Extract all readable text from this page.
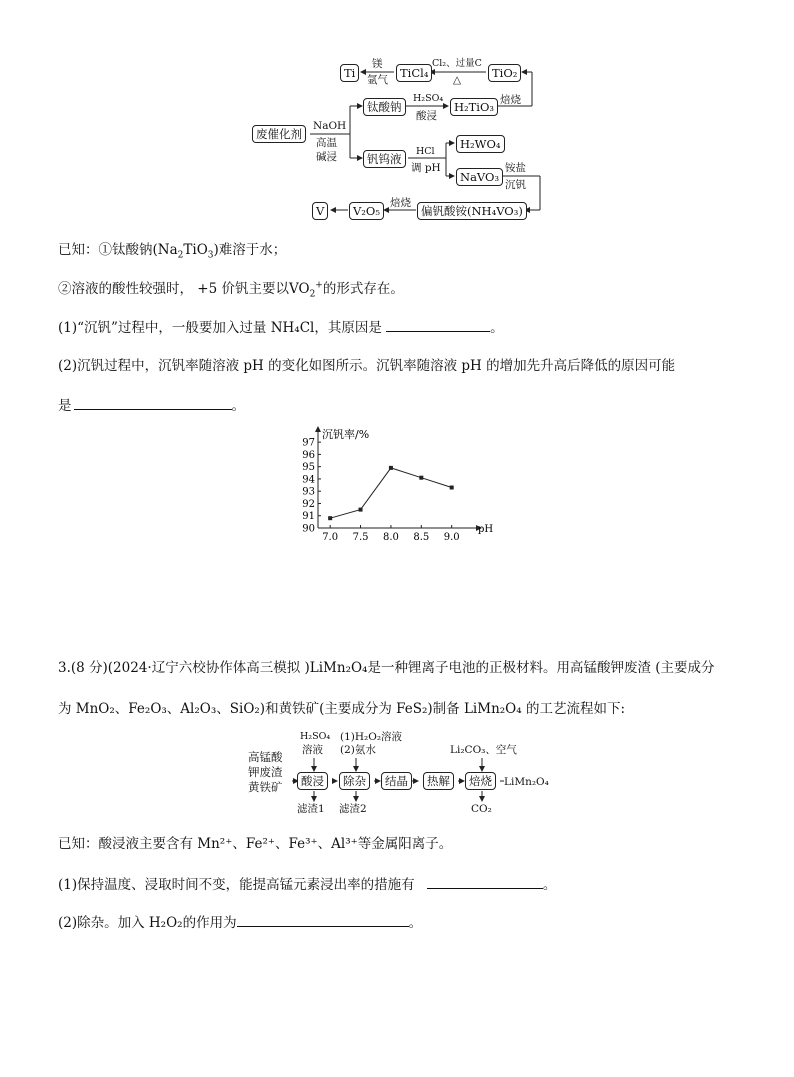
废催化剂
NaOH
高温
碱浸
钛酸钠
H₂SO₄
酸浸
H₂TiO₃ 焙烧
TiO₂
Cl₂、过量C
△
TiCl₄
镁
氩气
Ti
钒钨液
HCl
调 pH
H₂WO₄
NaVO₃
铵盐
沉钒
偏钒酸铵(NH₄VO₃)
焙烧
V₂O₅
V
已知：①钛酸钠$(Na_2TiO_3)$难溶于水；
②溶液的酸性较强时， +5 价钒主要以$VO_2^+$的形式存在。
(1)“沉钒”过程中，一般要加入过量 NH₄Cl，其原因是	。
(2)沉钒过程中，沉钒率随溶液 pH 的变化如图所示。沉钒率随溶液 pH 的增加先升高后降低的原因可能
是	。
90
91
92
93
94
95
96
97
7.0 7.5 8.0 8.5 9.0
沉钒率/%
pH
3.(8 分)(2024·辽宁六校协作体高三模拟 )LiMn₂O₄是一种锂离子电池的正极材料。用高锰酸钾废渣 (主要成分
为 MnO₂、Fe₂O₃、Al₂O₃、SiO₂)和黄铁矿(主要成分为 FeS₂)制备 LiMn₂O₄ 的工艺流程如下:
高锰酸
钾废渣
黄铁矿
H₂SO₄
溶液
(1)H₂O₂溶液
(2)氨水	Li₂CO₃、空气
酸浸	除杂	结晶	热解	焙烧	LiMn₂O₄
滤渣1 滤渣2	CO₂
已知：酸浸液主要含有 Mn²⁺、Fe²⁺、Fe³⁺、Al³⁺等金属阳离子。
(1)保持温度、浸取时间不变，能提高锰元素浸出率的措施有	。
(2)除杂。加入 H₂O₂的作用为	。
